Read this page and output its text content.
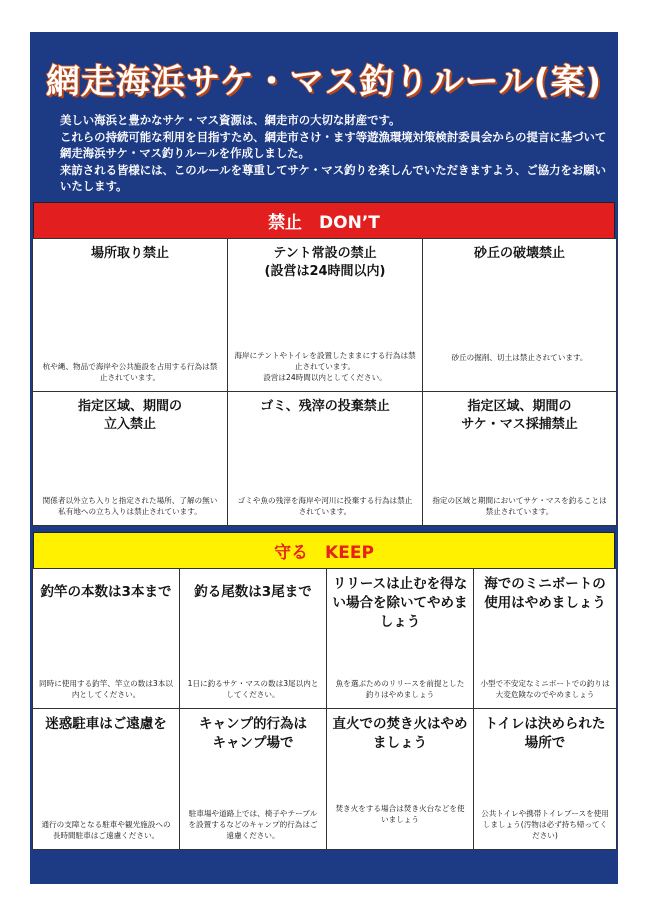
網走海浜サケ・マス釣りルール(案)

美しい海浜と豊かなサケ・マス資源は、網走市の大切な財産です。

これらの持続可能な利用を目指すため、網走市さけ・ます等遊漁環境対策検討委員会からの提言に基づいて網走海浜サケ・マス釣りルールを作成しました。

来訪される皆様には、このルールを尊重してサケ・マス釣りを楽しんでいただきますよう、ご協力をお願いいたします。

禁止　DON’T
場所取り禁止
杭や縄、物品で海岸や公共施設を占用する行為は禁止されています。
テント常設の禁止
(設営は24時間以内)
海岸にテントやトイレを設置したままにする行為は禁止されています。
設営は24時間以内としてください。
砂丘の破壊禁止
砂丘の掘削、切土は禁止されています。
指定区域、期間の
立入禁止
関係者以外立ち入りと指定された場所、了解の無い私有地への立ち入りは禁止されています。
ゴミ、残滓の投棄禁止
ゴミや魚の残滓を海岸や河川に投棄する行為は禁止されています。
指定区域、期間の
サケ・マス採捕禁止
指定の区域と期間においてサケ・マスを釣ることは禁止されています。
守る　KEEP
釣竿の本数は3本まで
同時に使用する釣竿、竿立の数は3本以内としてください。
釣る尾数は3尾まで
1日に釣るサケ・マスの数は3尾以内としてください。
リリースは止むを得ない場合を除いてやめましょう
魚を選ぶためのリリースを前提とした釣りはやめましょう
海でのミニボートの使用はやめましょう
小型で不安定なミニボートでの釣りは大変危険なのでやめましょう
迷惑駐車はご遠慮を
通行の支障となる駐車や観光施設への長時間駐車はご遠慮ください。
キャンプ的行為は
キャンプ場で
駐車場や道路上では、椅子やテーブルを設置するなどのキャンプ的行為はご遠慮ください。
直火での焚き火はやめましょう
焚き火をする場合は焚き火台などを使いましょう
トイレは決められた場所で
公共トイレや携帯トイレブースを使用しましょう(汚物は必ず持ち帰ってください)
